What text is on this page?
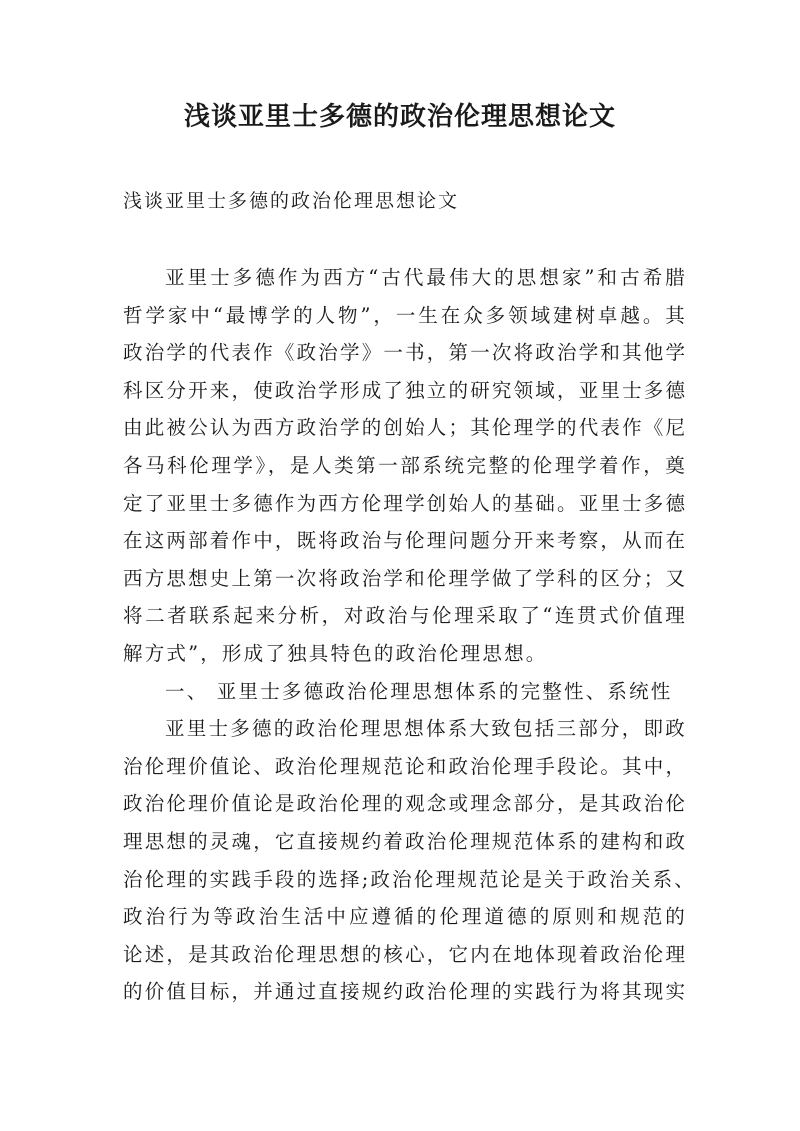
浅谈亚里士多德的政治伦理思想论文

浅谈亚里士多德的政治伦理思想论文

亚里士多德作为西方“古代最伟大的思想家”和古希腊
哲学家中“最博学的人物”，一生在众多领域建树卓越。其
政治学的代表作《政治学》一书，第一次将政治学和其他学
科区分开来，使政治学形成了独立的研究领域，亚里士多德
由此被公认为西方政治学的创始人；其伦理学的代表作《尼
各马科伦理学》，是人类第一部系统完整的伦理学着作，奠
定了亚里士多德作为西方伦理学创始人的基础。亚里士多德
在这两部着作中，既将政治与伦理问题分开来考察，从而在
西方思想史上第一次将政治学和伦理学做了学科的区分；又
将二者联系起来分析，对政治与伦理采取了“连贯式价值理
解方式”，形成了独具特色的政治伦理思想。
一、 亚里士多德政治伦理思想体系的完整性、系统性
亚里士多德的政治伦理思想体系大致包括三部分，即政
治伦理价值论、政治伦理规范论和政治伦理手段论。其中，
政治伦理价值论是政治伦理的观念或理念部分，是其政治伦
理思想的灵魂，它直接规约着政治伦理规范体系的建构和政
治伦理的实践手段的选择;政治伦理规范论是关于政治关系、
政治行为等政治生活中应遵循的伦理道德的原则和规范的
论述，是其政治伦理思想的核心，它内在地体现着政治伦理
的价值目标，并通过直接规约政治伦理的实践行为将其现实
